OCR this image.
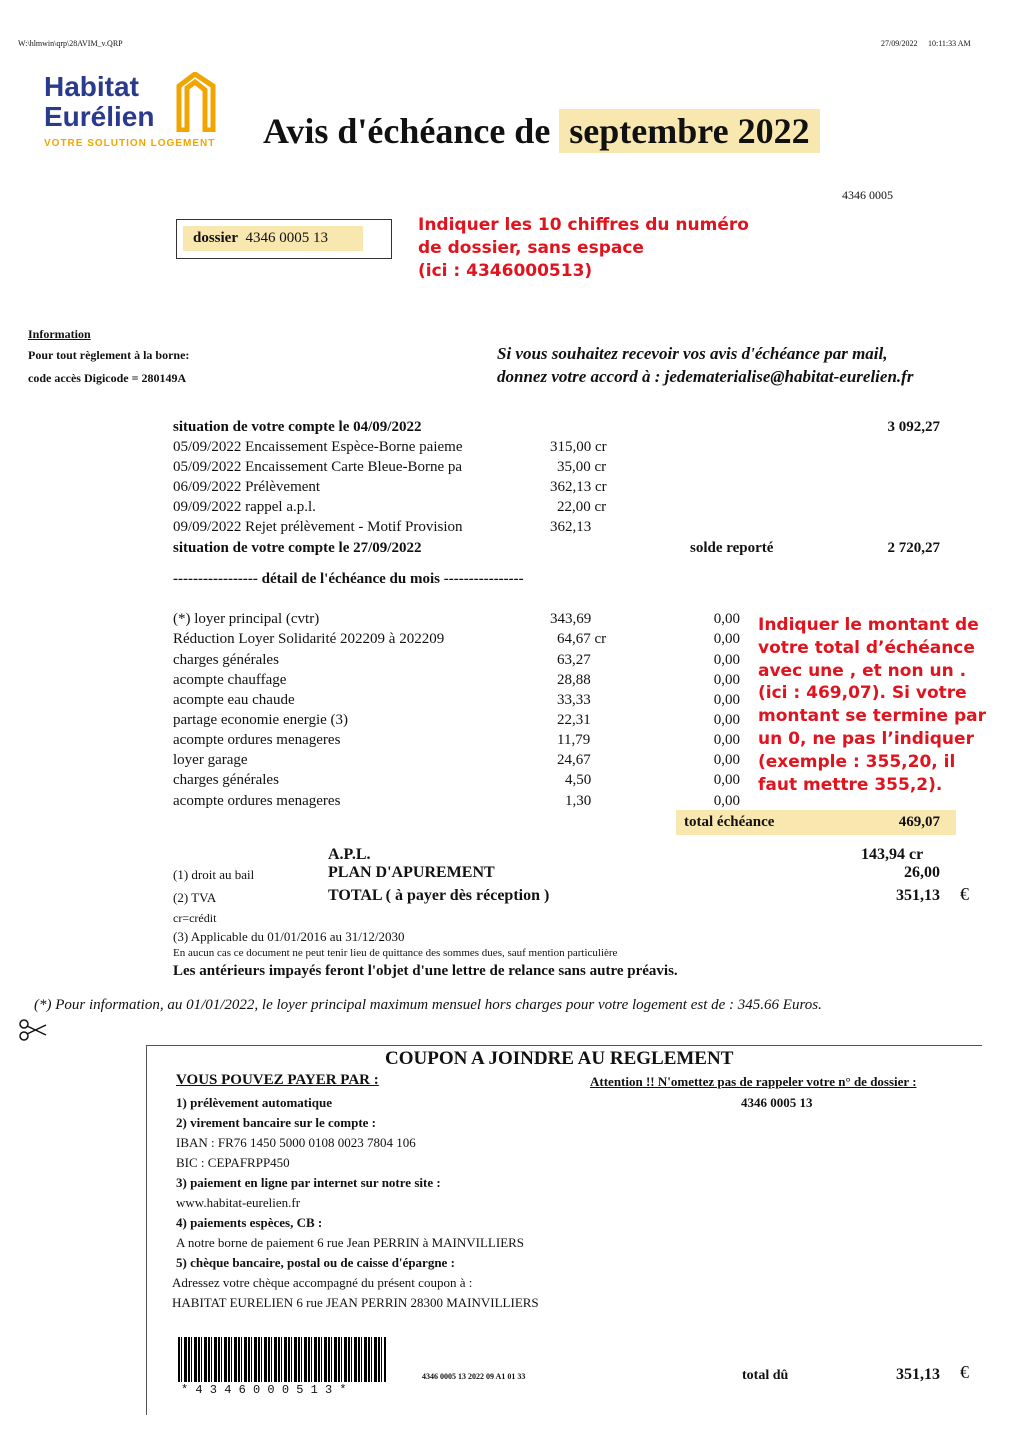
W:\hlmwin\qrp\28AVIM_v.QRP	27/09/2022 10:11:33 AM
Habitat
Eurélien
VOTRE SOLUTION LOGEMENT Avis d'échéance de septembre 2022
4346 0005
dossier 4346 0005 13
Indiquer les 10 chiffres du numéro
de dossier, sans espace
(ici : 4346000513)
Information
Pour tout règlement à la borne:
code accès Digicode = 280149A
Si vous souhaitez recevoir vos avis d'échéance par mail,
donnez votre accord à : jedematerialise@habitat-eurelien.fr
situation de votre compte le 04/09/2022	3 092,27
05/09/2022 Encaissement Espèce-Borne paieme	315,00 cr
05/09/2022 Encaissement Carte Bleue-Borne pa	35,00 cr
06/09/2022 Prélèvement	362,13 cr
09/09/2022 rappel a.p.l.	22,00 cr
09/09/2022 Rejet prélèvement - Motif Provision	362,13
situation de votre compte le 27/09/2022	solde reporté	2 720,27
----------------- détail de l'échéance du mois ----------------
(*) loyer principal (cvtr)	343,69	0,00
Réduction Loyer Solidarité 202209 à 202209	64,67 cr	0,00
charges générales	63,27	0,00
acompte chauffage	28,88	0,00
acompte eau chaude	33,33	0,00
partage economie energie (3)	22,31	0,00
acompte ordures menageres	11,79	0,00
loyer garage	24,67	0,00
charges générales	4,50	0,00
acompte ordures menageres	1,30	0,00
Indiquer le montant de
votre total d’échéance
avec une , et non un .
(ici : 469,07). Si votre
montant se termine par
un 0, ne pas l’indiquer
(exemple : 355,20, il
faut mettre 355,2).
total échéance	469,07
A.P.L.	143,94 cr
(1) droit au bail	PLAN D'APUREMENT	26,00
(2) TVA	TOTAL ( à payer dès réception )	351,13 €
cr=crédit
(3) Applicable du 01/01/2016 au 31/12/2030
En aucun cas ce document ne peut tenir lieu de quittance des sommes dues, sauf mention particulière
Les antérieurs impayés feront l'objet d'une lettre de relance sans autre préavis.
(*) Pour information, au 01/01/2022, le loyer principal maximum mensuel hors charges pour votre logement est de : 345.66 Euros.
COUPON A JOINDRE AU REGLEMENT
VOUS POUVEZ PAYER PAR :	Attention !! N'omettez pas de rappeler votre n° de dossier :
4346 0005 13
1) prélèvement automatique
2) virement bancaire sur le compte :
IBAN : FR76 1450 5000 0108 0023 7804 106
BIC : CEPAFRPP450
3) paiement en ligne par internet sur notre site :
www.habitat-eurelien.fr
4) paiements espèces, CB :
A notre borne de paiement 6 rue Jean PERRIN à MAINVILLIERS
5) chèque bancaire, postal ou de caisse d'épargne :
Adressez votre chèque accompagné du présent coupon à :
HABITAT EURELIEN 6 rue JEAN PERRIN 28300 MAINVILLIERS
* 4 3 4 6 0 0 0 5 1 3 *
4346 0005 13 2022 09 A1 01 33	total dû	351,13 €
